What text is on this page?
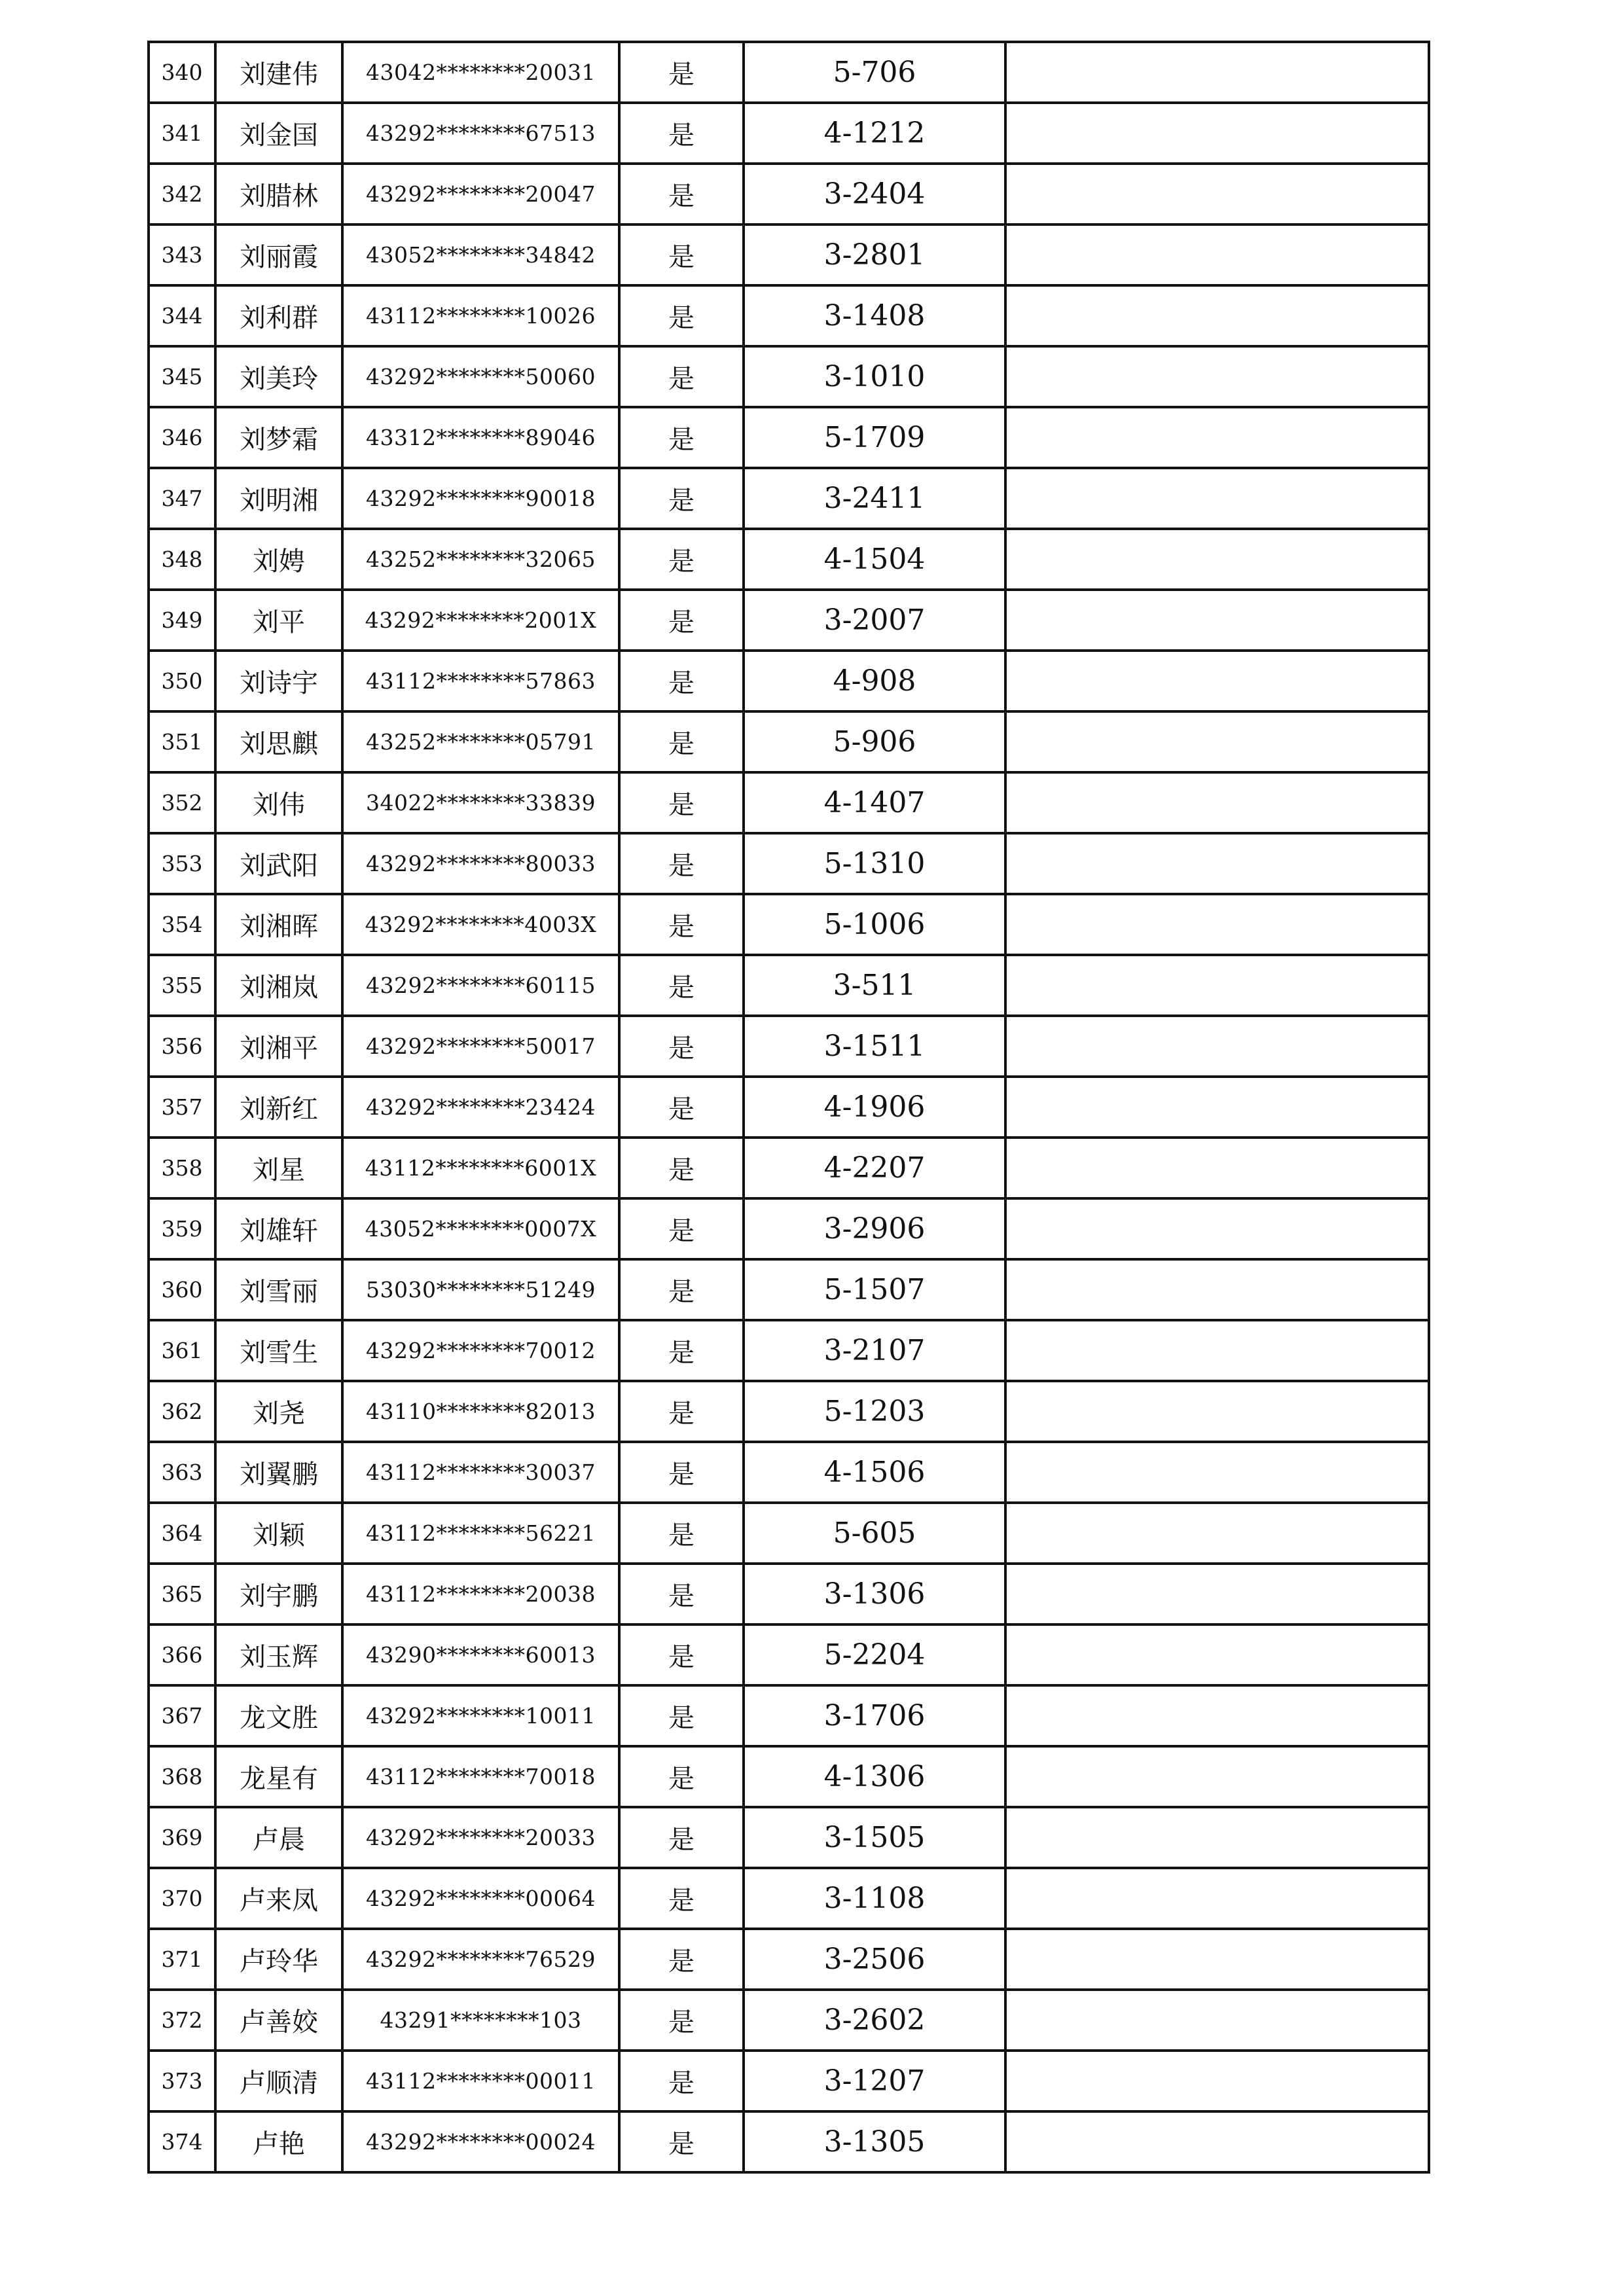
340	刘建伟	43042********20031	是	5-706	
341	刘金国	43292********67513	是	4-1212	
342	刘腊林	43292********20047	是	3-2404	
343	刘丽霞	43052********34842	是	3-2801	
344	刘利群	43112********10026	是	3-1408	
345	刘美玲	43292********50060	是	3-1010	
346	刘梦霜	43312********89046	是	5-1709	
347	刘明湘	43292********90018	是	3-2411	
348	刘娉	43252********32065	是	4-1504	
349	刘平	43292********2001X	是	3-2007	
350	刘诗宇	43112********57863	是	4-908	
351	刘思麒	43252********05791	是	5-906	
352	刘伟	34022********33839	是	4-1407	
353	刘武阳	43292********80033	是	5-1310	
354	刘湘晖	43292********4003X	是	5-1006	
355	刘湘岚	43292********60115	是	3-511	
356	刘湘平	43292********50017	是	3-1511	
357	刘新红	43292********23424	是	4-1906	
358	刘星	43112********6001X	是	4-2207	
359	刘雄轩	43052********0007X	是	3-2906	
360	刘雪丽	53030********51249	是	5-1507	
361	刘雪生	43292********70012	是	3-2107	
362	刘尧	43110********82013	是	5-1203	
363	刘翼鹏	43112********30037	是	4-1506	
364	刘颖	43112********56221	是	5-605	
365	刘宇鹏	43112********20038	是	3-1306	
366	刘玉辉	43290********60013	是	5-2204	
367	龙文胜	43292********10011	是	3-1706	
368	龙星有	43112********70018	是	4-1306	
369	卢晨	43292********20033	是	3-1505	
370	卢来凤	43292********00064	是	3-1108	
371	卢玲华	43292********76529	是	3-2506	
372	卢善姣	43291********103	是	3-2602	
373	卢顺清	43112********00011	是	3-1207	
374	卢艳	43292********00024	是	3-1305	
